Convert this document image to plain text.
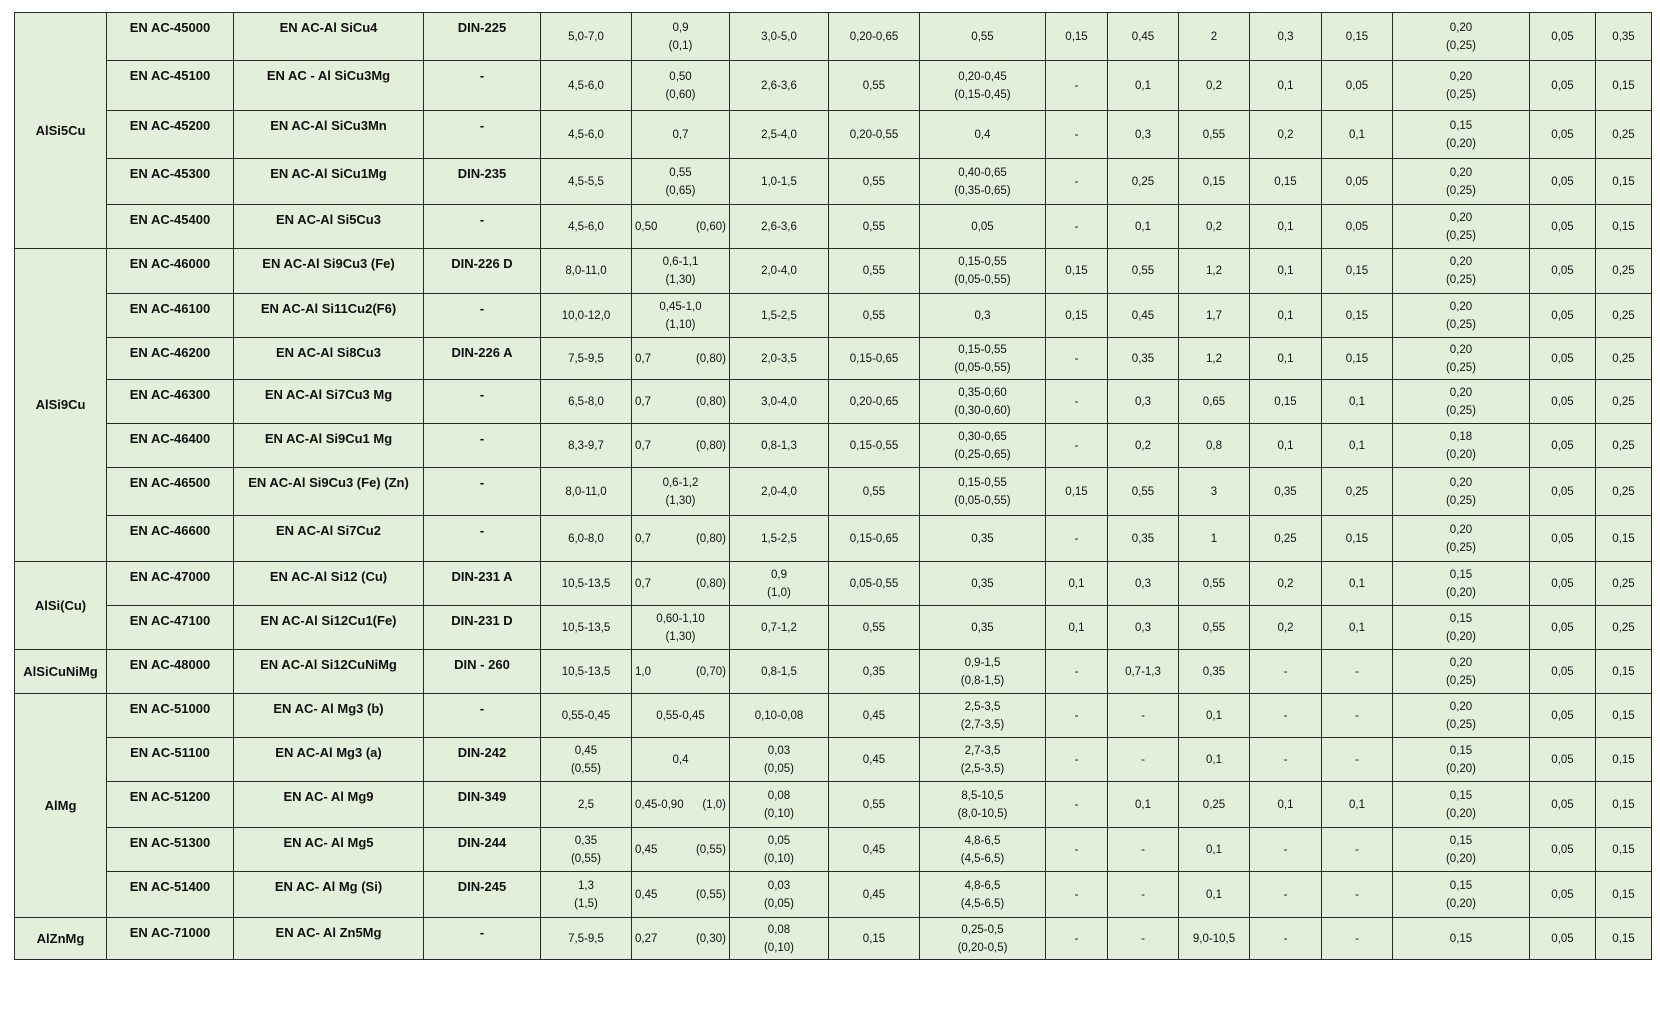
AlSi5Cu	EN AC-45000	EN AC-Al SiCu4	DIN-225	5,0-7,0	0,9
(0,1)	3,0-5,0	0,20-0,65	0,55	0,15	0,45	2	0,3	0,15	0,20
(0,25)	0,05	0,35
	EN AC-45100	EN AC - Al SiCu3Mg	-	4,5-6,0	0,50
(0,60)	2,6-3,6	0,55	0,20-0,45
(0,15-0,45)	-	0,1	0,2	0,1	0,05	0,20
(0,25)	0,05	0,15
	EN AC-45200	EN AC-Al SiCu3Mn	-	4,5-6,0	0,7	2,5-4,0	0,20-0,55	0,4	-	0,3	0,55	0,2	0,1	0,15
(0,20)	0,05	0,25
	EN AC-45300	EN AC-Al SiCu1Mg	DIN-235	4,5-5,5	0,55
(0,65)	1,0-1,5	0,55	0,40-0,65
(0,35-0,65)	-	0,25	0,15	0,15	0,05	0,20
(0,25)	0,05	0,15
	EN AC-45400	EN AC-Al Si5Cu3	-	4,5-6,0	0,50 (0,60)	2,6-3,6	0,55	0,05	-	0,1	0,2	0,1	0,05	0,20
(0,25)	0,05	0,15
AlSi9Cu	EN AC-46000	EN AC-Al Si9Cu3 (Fe)	DIN-226 D	8,0-11,0	0,6-1,1
(1,30)	2,0-4,0	0,55	0,15-0,55
(0,05-0,55)	0,15	0,55	1,2	0,1	0,15	0,20
(0,25)	0,05	0,25
	EN AC-46100	EN AC-Al Si11Cu2(F6)	-	10,0-12,0	0,45-1,0
(1,10)	1,5-2,5	0,55	0,3	0,15	0,45	1,7	0,1	0,15	0,20
(0,25)	0,05	0,25
	EN AC-46200	EN AC-Al Si8Cu3	DIN-226 A	7,5-9,5	0,7 (0,80)	2,0-3,5	0,15-0,65	0,15-0,55
(0,05-0,55)	-	0,35	1,2	0,1	0,15	0,20
(0,25)	0,05	0,25
	EN AC-46300	EN AC-Al Si7Cu3 Mg	-	6,5-8,0	0,7 (0,80)	3,0-4,0	0,20-0,65	0,35-0,60
(0,30-0,60)	-	0,3	0,65	0,15	0,1	0,20
(0,25)	0,05	0,25
	EN AC-46400	EN AC-Al Si9Cu1 Mg	-	8,3-9,7	0,7 (0,80)	0,8-1,3	0,15-0,55	0,30-0,65
(0,25-0,65)	-	0,2	0,8	0,1	0,1	0,18
(0,20)	0,05	0,25
	EN AC-46500	EN AC-Al Si9Cu3 (Fe) (Zn)	-	8,0-11,0	0,6-1,2
(1,30)	2,0-4,0	0,55	0,15-0,55
(0,05-0,55)	0,15	0,55	3	0,35	0,25	0,20
(0,25)	0,05	0,25
	EN AC-46600	EN AC-Al Si7Cu2	-	6,0-8,0	0,7 (0,80)	1,5-2,5	0,15-0,65	0,35	-	0,35	1	0,25	0,15	0,20
(0,25)	0,05	0,15
AlSi(Cu)	EN AC-47000	EN AC-Al Si12 (Cu)	DIN-231 A	10,5-13,5	0,7 (0,80)	0,9
(1,0)	0,05-0,55	0,35	0,1	0,3	0,55	0,2	0,1	0,15
(0,20)	0,05	0,25
	EN AC-47100	EN AC-Al Si12Cu1(Fe)	DIN-231 D	10,5-13,5	0,60-1,10
(1,30)	0,7-1,2	0,55	0,35	0,1	0,3	0,55	0,2	0,1	0,15
(0,20)	0,05	0,25
AlSiCuNiMg	EN AC-48000	EN AC-Al Si12CuNiMg	DIN - 260	10,5-13,5	1,0 (0,70)	0,8-1,5	0,35	0,9-1,5
(0,8-1,5)	-	0,7-1,3	0,35	-	-	0,20
(0,25)	0,05	0,15
AlMg	EN AC-51000	EN AC- Al Mg3 (b)	-	0,55-0,45	0,55-0,45	0,10-0,08	0,45	2,5-3,5
(2,7-3,5)	-	-	0,1	-	-	0,20
(0,25)	0,05	0,15
	EN AC-51100	EN AC-Al Mg3 (a)	DIN-242	0,45
(0,55)	0,4	0,03
(0,05)	0,45	2,7-3,5
(2,5-3,5)	-	-	0,1	-	-	0,15
(0,20)	0,05	0,15
	EN AC-51200	EN AC- Al Mg9	DIN-349	2,5	0,45-0,90 (1,0)	0,08
(0,10)	0,55	8,5-10,5
(8,0-10,5)	-	0,1	0,25	0,1	0,1	0,15
(0,20)	0,05	0,15
	EN AC-51300	EN AC- Al Mg5	DIN-244	0,35
(0,55)	0,45 (0,55)	0,05
(0,10)	0,45	4,8-6,5
(4,5-6,5)	-	-	0,1	-	-	0,15
(0,20)	0,05	0,15
	EN AC-51400	EN AC- Al Mg (Si)	DIN-245	1,3
(1,5)	0,45 (0,55)	0,03
(0,05)	0,45	4,8-6,5
(4,5-6,5)	-	-	0,1	-	-	0,15
(0,20)	0,05	0,15
AlZnMg	EN AC-71000	EN AC- Al Zn5Mg	-	7,5-9,5	0,27 (0,30)	0,08
(0,10)	0,15	0,25-0,5
(0,20-0,5)	-	-	9,0-10,5	-	-	0,15	0,05	0,15
